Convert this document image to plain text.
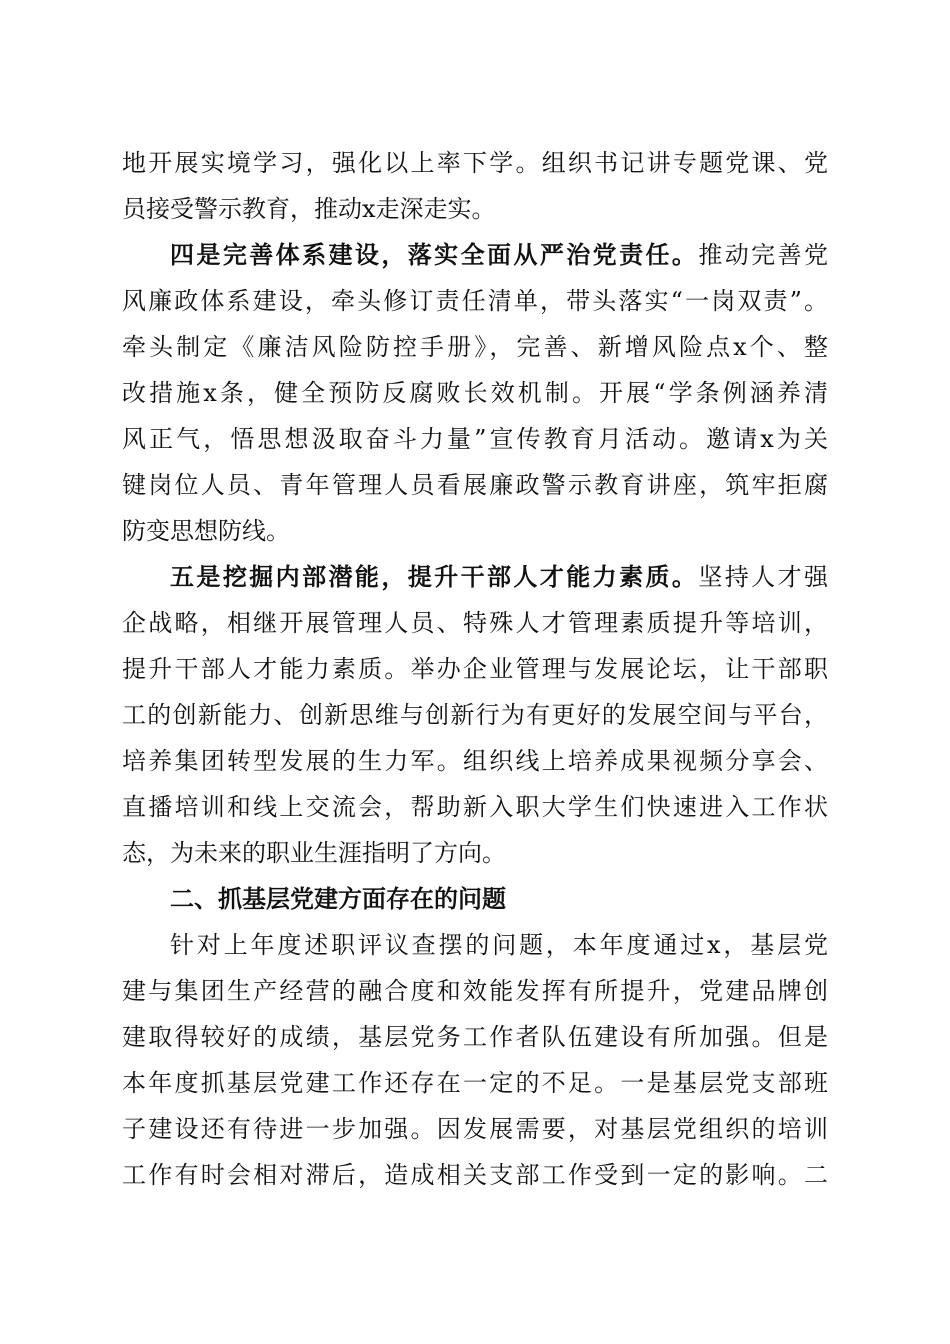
地开展实境学习，强化以上率下学。组织书记讲专题党课、党
员接受警示教育，推动x走深走实。
四是完善体系建设，落实全面从严治党责任。推动完善党
风廉政体系建设，牵头修订责任清单，带头落实“一岗双责”。
牵头制定《廉洁风险防控手册》，完善、新增风险点x个、整
改措施x条，健全预防反腐败长效机制。开展“学条例涵养清
风正气，悟思想汲取奋斗力量”宣传教育月活动。邀请x为关
键岗位人员、青年管理人员看展廉政警示教育讲座，筑牢拒腐
防变思想防线。
五是挖掘内部潜能，提升干部人才能力素质。坚持人才强
企战略，相继开展管理人员、特殊人才管理素质提升等培训，
提升干部人才能力素质。举办企业管理与发展论坛，让干部职
工的创新能力、创新思维与创新行为有更好的发展空间与平台，
培养集团转型发展的生力军。组织线上培养成果视频分享会、
直播培训和线上交流会，帮助新入职大学生们快速进入工作状
态，为未来的职业生涯指明了方向。
二、抓基层党建方面存在的问题
针对上年度述职评议查摆的问题，本年度通过x，基层党
建与集团生产经营的融合度和效能发挥有所提升，党建品牌创
建取得较好的成绩，基层党务工作者队伍建设有所加强。但是
本年度抓基层党建工作还存在一定的不足。一是基层党支部班
子建设还有待进一步加强。因发展需要，对基层党组织的培训
工作有时会相对滞后，造成相关支部工作受到一定的影响。二
